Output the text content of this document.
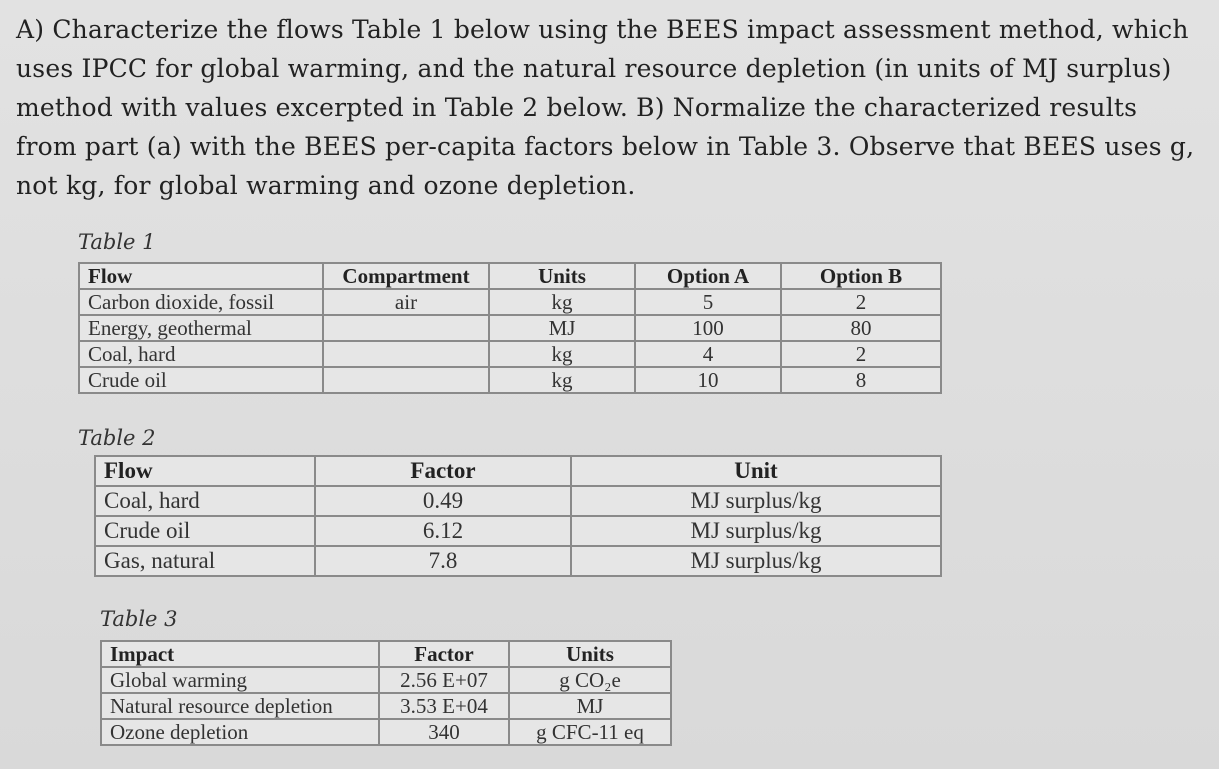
A) Characterize the flows Table 1 below using the BEES impact assessment method, which uses IPCC for global warming, and the natural resource depletion (in units of MJ surplus) method with values excerpted in Table 2 below. B) Normalize the characterized results from part (a) with the BEES per-capita factors below in Table 3. Observe that BEES uses g, not kg, for global warming and ozone depletion.
Table 1
Flow	Compartment	Units	Option A	Option B
Carbon dioxide, fossil	air	kg	5	2
Energy, geothermal		MJ	100	80
Coal, hard		kg	4	2
Crude oil		kg	10	8
Table 2
Flow	Factor	Unit
Coal, hard	0.49	MJ surplus/kg
Crude oil	6.12	MJ surplus/kg
Gas, natural	7.8	MJ surplus/kg
Table 3
Impact	Factor	Units
Global warming	2.56 E+07	g CO₂e
Natural resource depletion	3.53 E+04	MJ
Ozone depletion	340	g CFC-11 eq
